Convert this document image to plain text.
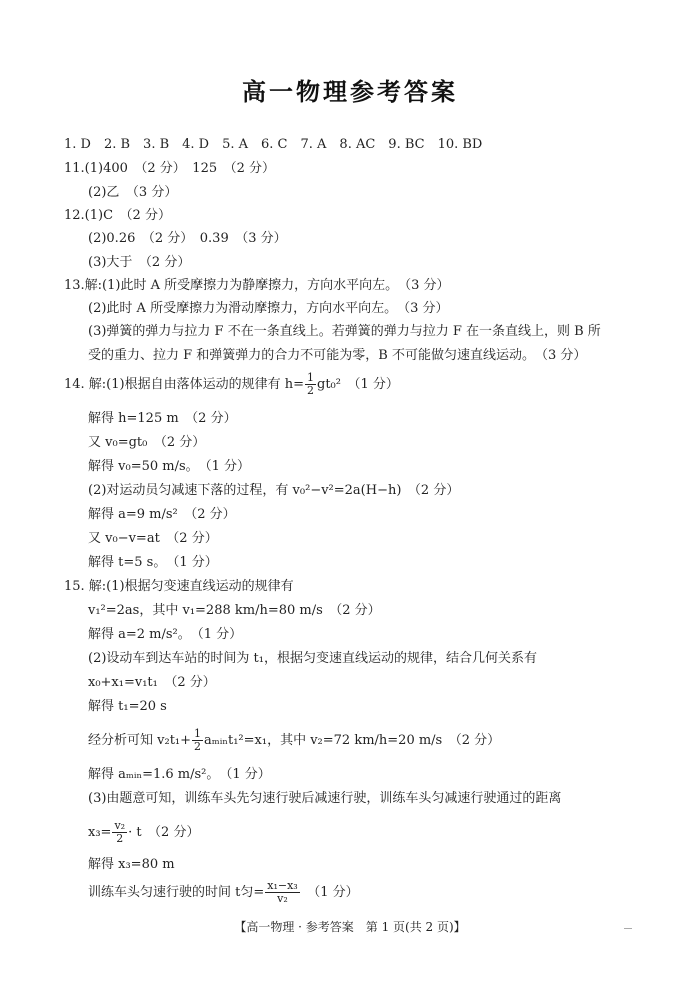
高一物理参考答案
1. D　2. B　3. B　4. D　5. A　6. C　7. A　8. AC　9. BC　10. BD
11.(1)400　（2 分）　125　（2 分）
(2)乙　（3 分）
12.(1)C　（2 分）
(2)0.26　（2 分）　0.39　（3 分）
(3)大于　（2 分）
13.解:(1)此时 A 所受摩擦力为静摩擦力，方向水平向左。　（3 分）
(2)此时 A 所受摩擦力为滑动摩擦力，方向水平向左。　（3 分）
(3)弹簧的弹力与拉力 F 不在一条直线上。若弹簧的弹力与拉力 F 在一条直线上，则 B 所
受的重力、拉力 F 和弹簧弹力的合力不可能为零，B 不可能做匀速直线运动。　（3 分）
14. 解:(1)根据自由落体运动的规律有 $h= \frac{1}{2} gt_0^2$　（1 分）
解得 h=125 m　（2 分）
又 v₀=gt₀　（2 分）
解得 v₀=50 m/s。　（1 分）
(2)对运动员匀减速下落的过程，有 v₀²−v²=2a(H−h)　（2 分）
解得 a=9 m/s²　（2 分）
又 v₀−v=at　（2 分）
解得 t=5 s。　（1 分）
15. 解:(1)根据匀变速直线运动的规律有
v₁²=2as，其中 v₁=288 km/h=80 m/s　（2 分）
解得 a=2 m/s²。　（1 分）
(2)设动车到达车站的时间为 t₁，根据匀变速直线运动的规律，结合几何关系有
x₀+x₁=v₁t₁　（2 分）
解得 t₁=20 s
经分析可知 $v_2t_1+ \frac{1}{2}$ aₘᵢₙt₁²=x₁，其中 v₂=72 km/h=20 m/s　（2 分）
解得 aₘᵢₙ=1.6 m/s²。　（1 分）
(3)由题意可知，训练车头先匀速行驶后减速行驶，训练车头匀减速行驶通过的距离
$x_3= \frac{\text{v₂}}{2} \cdot t$　（2 分）
解得 x₃=80 m
训练车头匀速行驶的时间 t匀= $\frac{\text{x₁−x₃}}{\text{v₂}}$ 　（1 分）
【高一物理 · 参考答案　第 1 页(共 2 页)】
